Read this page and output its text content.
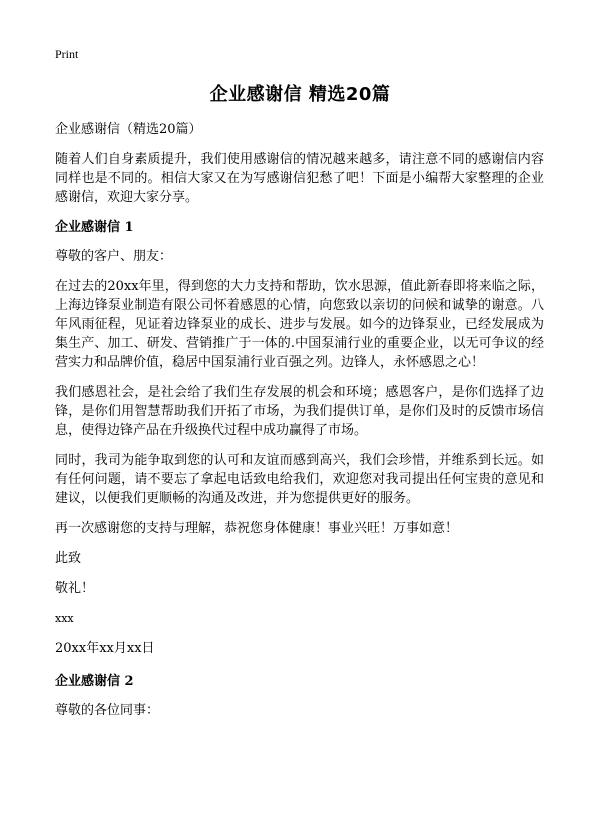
Print
企业感谢信 精选20篇

企业感谢信（精选20篇）

随着人们自身素质提升，我们使用感谢信的情况越来越多，请注意不同的感谢信内容同样也是不同的。相信大家又在为写感谢信犯愁了吧！下面是小编帮大家整理的企业感谢信，欢迎大家分享。

企业感谢信 1

尊敬的客户、朋友：

在过去的20xx年里，得到您的大力支持和帮助，饮水思源，值此新春即将来临之际，上海边锋泵业制造有限公司怀着感恩的心情，向您致以亲切的问候和诚挚的谢意。八年风雨征程，见证着边锋泵业的成长、进步与发展。如今的边锋泵业，已经发展成为集生产、加工、研发、营销推广于一体的.中国泵浦行业的重要企业，以无可争议的经营实力和品牌价值，稳居中国泵浦行业百强之列。边锋人，永怀感恩之心！

我们感恩社会，是社会给了我们生存发展的机会和环境；感恩客户，是你们选择了边锋，是你们用智慧帮助我们开拓了市场，为我们提供订单，是你们及时的反馈市场信息，使得边锋产品在升级换代过程中成功赢得了市场。

同时，我司为能争取到您的认可和友谊而感到高兴，我们会珍惜，并维系到长远。如有任何问题，请不要忘了拿起电话致电给我们，欢迎您对我司提出任何宝贵的意见和建议，以便我们更顺畅的沟通及改进，并为您提供更好的服务。

再一次感谢您的支持与理解，恭祝您身体健康！事业兴旺！万事如意！

此致

敬礼！

xxx

20xx年xx月xx日

企业感谢信 2

尊敬的各位同事：
